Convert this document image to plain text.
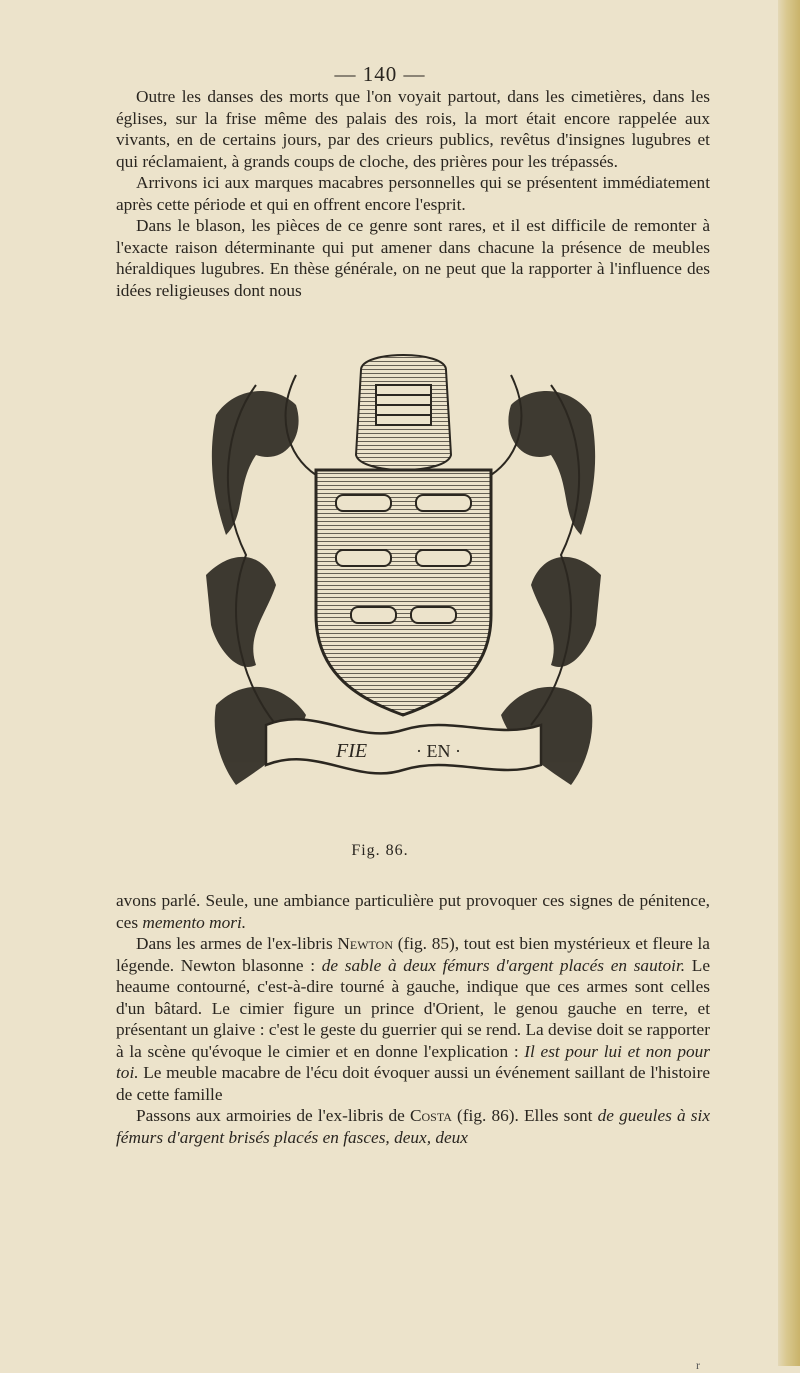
— 140 —

Outre les danses des morts que l'on voyait partout, dans les cimetières, dans les églises, sur la frise même des palais des rois, la mort était encore rappelée aux vivants, en de certains jours, par des crieurs publics, revêtus d'insignes lugubres et qui réclamaient, à grands coups de cloche, des prières pour les trépassés.

Arrivons ici aux marques macabres personnelles qui se présentent immédiatement après cette période et qui en offrent encore l'esprit.

Dans le blason, les pièces de ce genre sont rares, et il est difficile de remonter à l'exacte raison déterminante qui put amener dans chacune la présence de meubles héraldiques lugubres. En thèse générale, on ne peut que la rapporter à l'influence des idées religieuses dont nous

FIE	· EN ·
Fig. 86.

avons parlé. Seule, une ambiance particulière put provoquer ces signes de pénitence, ces memento mori.

Dans les armes de l'ex-libris Newton (fig. 85), tout est bien mystérieux et fleure la légende. Newton blasonne : de sable à deux fémurs d'argent placés en sautoir. Le heaume contourné, c'est-à-dire tourné à gauche, indique que ces armes sont celles d'un bâtard. Le cimier figure un prince d'Orient, le genou gauche en terre, et présentant un glaive : c'est le geste du guerrier qui se rend. La devise doit se rapporter à la scène qu'évoque le cimier et en donne l'explication : Il est pour lui et non pour toi. Le meuble macabre de l'écu doit évoquer aussi un événement saillant de l'histoire de cette famille

Passons aux armoiries de l'ex-libris de Costa (fig. 86). Elles sont de gueules à six fémurs d'argent brisés placés en fasces, deux, deux

r
